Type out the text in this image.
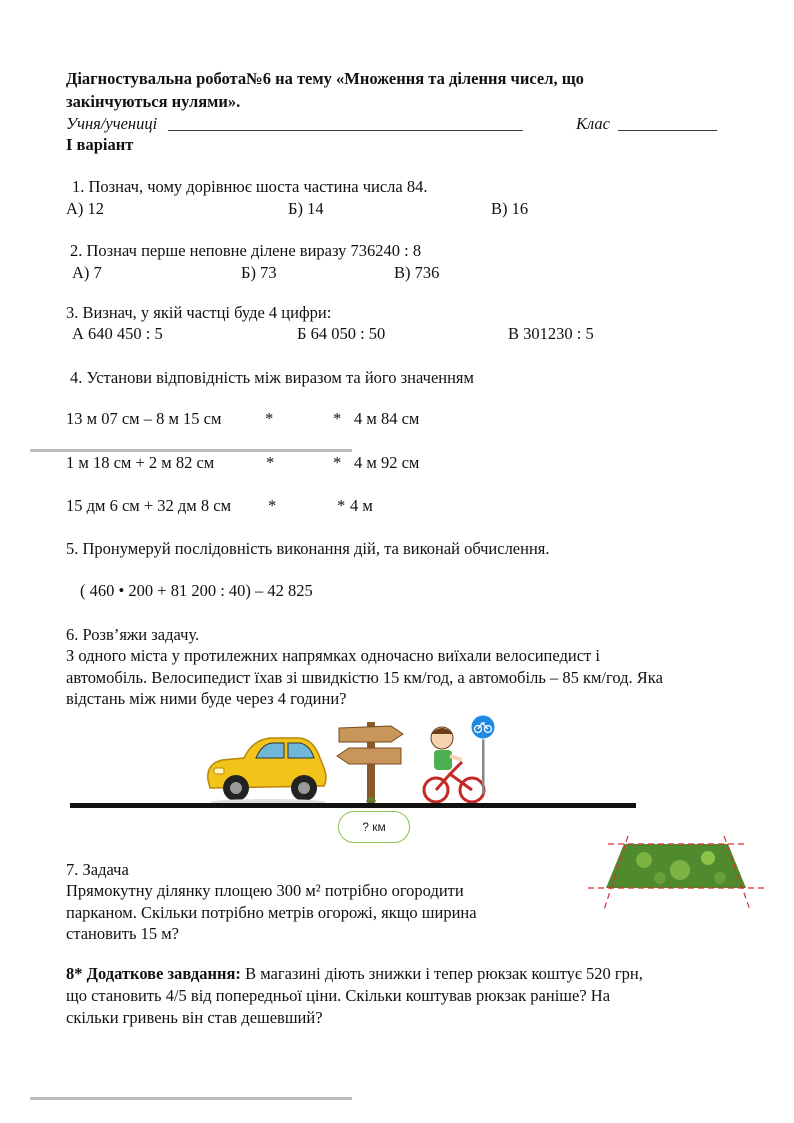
Діагностувальна робота№6 на тему «Множення та ділення чисел, що
закінчуються нулями».
Учня/учениці ___________________________________________	Клас ____________
І варіант
1. Познач, чому дорівнює шоста частина числа 84.
А) 12	Б) 14	В) 16
2. Познач перше неповне ділене виразу 736240 : 8
А) 7	Б) 73	В) 736
3. Визнач, у якій частці буде 4 цифри:
А 640 450 : 5	Б 64 050 : 50	В 301230 : 5
4. Установи відповідність між виразом та його значенням
13 м 07 см – 8 м 15 см	*	* 4 м 84 см
1 м 18 см + 2 м 82 см	*	* 4 м 92 см
15 дм 6 см + 32 дм 8 см *	* 4 м
5. Пронумеруй послідовність виконання дій, та виконай обчислення.
( 460 • 200 + 81 200 : 40) – 42 825
6. Розв’яжи задачу.
З одного міста у протилежних напрямках одночасно виїхали велосипедист і
автомобіль. Велосипедист їхав зі швидкістю 15 км/год, а автомобіль – 85 км/год. Яка
відстань між ними буде через 4 години?
? км
7. Задача
Прямокутну ділянку площею 300 м² потрібно огородити
парканом. Скільки потрібно метрів огорожі, якщо ширина
становить 15 м?
8* Додаткове завдання: В магазині діють знижки і тепер рюкзак коштує 520 грн,
що становить 4/5 від попередньої ціни. Скільки коштував рюкзак раніше? На
скільки гривень він став дешевший?
